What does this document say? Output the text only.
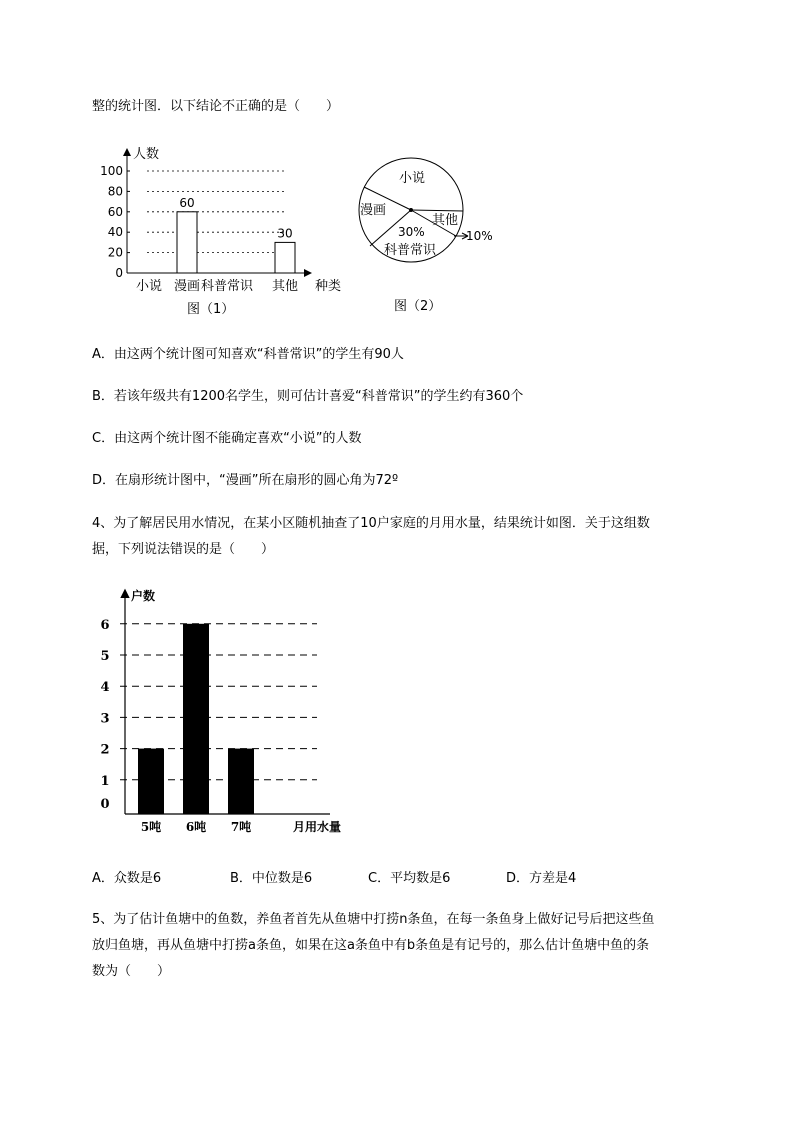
整的统计图．以下结论不正确的是（　　）
人数
100
80
60
40
20
0
60
30
小说 漫画 科普常识 其他 种类
图（1）
小说
漫画
其他
30%
科普常识
10%
图（2）
A．由这两个统计图可知喜欢“科普常识”的学生有90人
B．若该年级共有1200名学生，则可估计喜爱“科普常识”的学生约有360个
C．由这两个统计图不能确定喜欢“小说”的人数
D．在扇形统计图中，“漫画”所在扇形的圆心角为72º
4、为了解居民用水情况，在某小区随机抽查了10户家庭的月用水量，结果统计如图．关于这组数
据，下列说法错误的是（　　）
户数
6
5
4
3
2
1
0
5吨 6吨 7吨	月用水量
A．众数是6	B．中位数是6	C．平均数是6	D．方差是4
5、为了估计鱼塘中的鱼数，养鱼者首先从鱼塘中打捞n条鱼，在每一条鱼身上做好记号后把这些鱼
放归鱼塘，再从鱼塘中打捞a条鱼，如果在这a条鱼中有b条鱼是有记号的，那么估计鱼塘中鱼的条
数为（　　）
